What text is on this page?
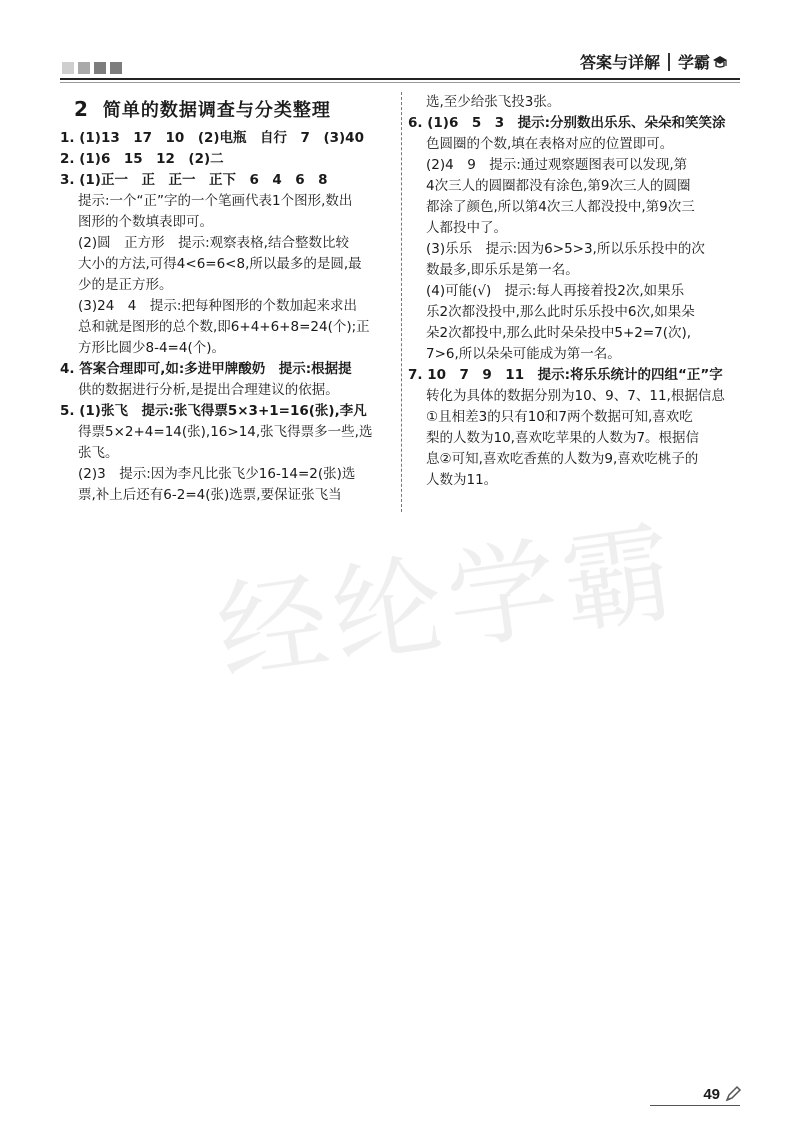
答案与详解 学霸
经纶学霸
2 简单的数据调查与分类整理
1. (1)13　17　10　(2)电瓶　自行　7　(3)40
2. (1)6　15　12　(2)二
3. (1)正一　正　正一　正下　6　4　6　8
提示:一个“正”字的一个笔画代表1个图形,数出
图形的个数填表即可。
(2)圆　正方形　提示:观察表格,结合整数比较
大小的方法,可得4<6=6<8,所以最多的是圆,最
少的是正方形。
(3)24　4　提示:把每种图形的个数加起来求出
总和就是图形的总个数,即6+4+6+8=24(个);正
方形比圆少8-4=4(个)。
4. 答案合理即可,如:多进甲牌酸奶　提示:根据提
供的数据进行分析,是提出合理建议的依据。
5. (1)张飞　提示:张飞得票5×3+1=16(张),李凡
得票5×2+4=14(张),16>14,张飞得票多一些,选
张飞。
(2)3　提示:因为李凡比张飞少16-14=2(张)选
票,补上后还有6-2=4(张)选票,要保证张飞当
选,至少给张飞投3张。
6. (1)6　5　3　提示:分别数出乐乐、朵朵和笑笑涂
色圆圈的个数,填在表格对应的位置即可。
(2)4　9　提示:通过观察题图表可以发现,第
4次三人的圆圈都没有涂色,第9次三人的圆圈
都涂了颜色,所以第4次三人都没投中,第9次三
人都投中了。
(3)乐乐　提示:因为6>5>3,所以乐乐投中的次
数最多,即乐乐是第一名。
(4)可能(√)　提示:每人再接着投2次,如果乐
乐2次都没投中,那么此时乐乐投中6次,如果朵
朵2次都投中,那么此时朵朵投中5+2=7(次),
7>6,所以朵朵可能成为第一名。
7. 10　7　9　11　提示:将乐乐统计的四组“正”字
转化为具体的数据分别为10、9、7、11,根据信息
①且相差3的只有10和7两个数据可知,喜欢吃
梨的人数为10,喜欢吃苹果的人数为7。根据信
息②可知,喜欢吃香蕉的人数为9,喜欢吃桃子的
人数为11。
49
